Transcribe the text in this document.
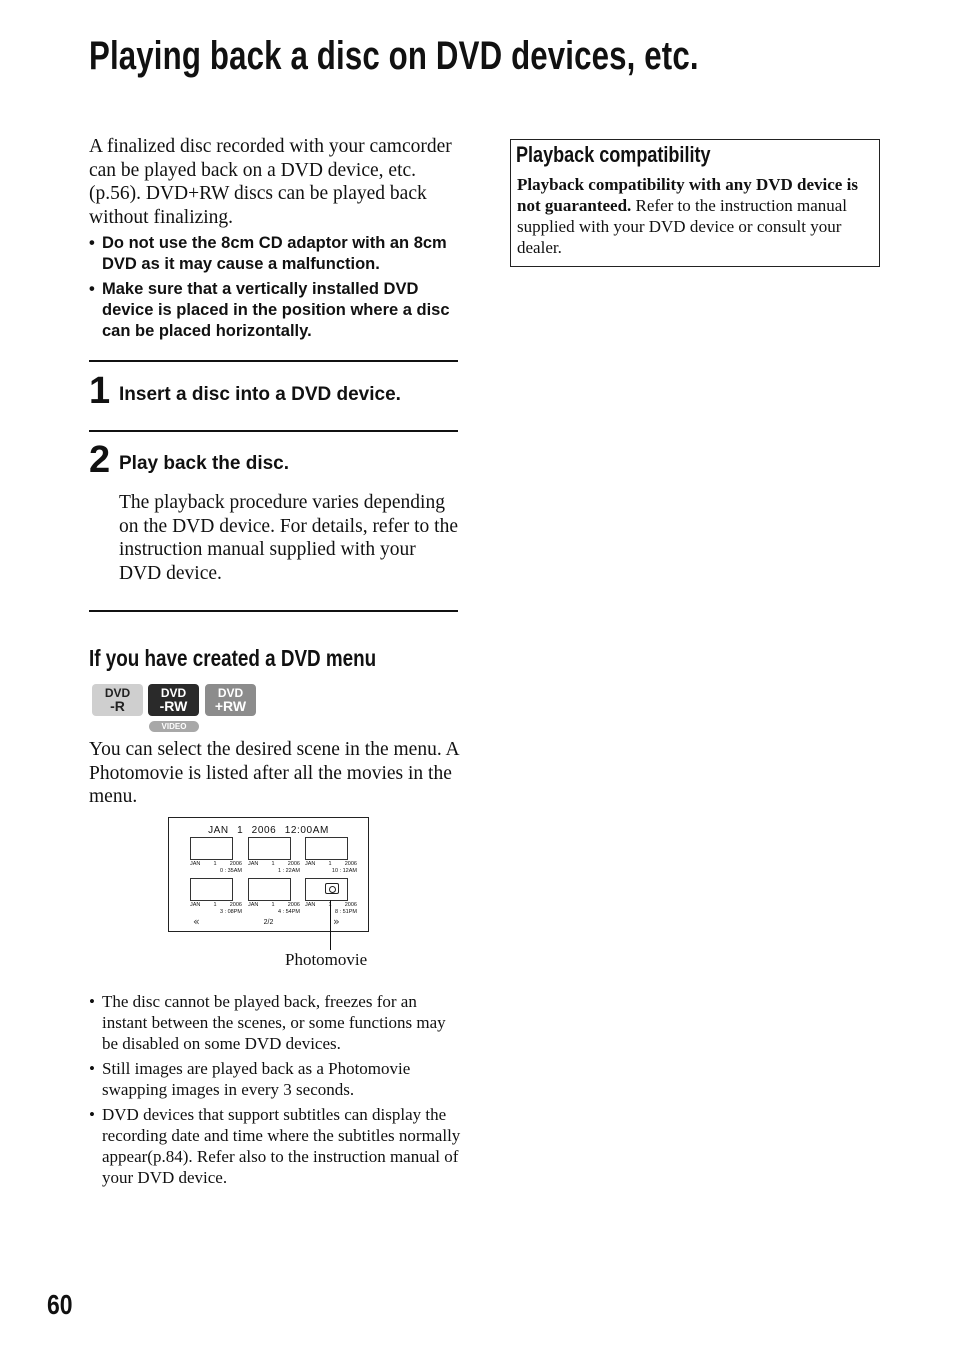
Playing back a disc on DVD devices, etc.
A finalized disc recorded with your camcorder can be played back on a DVD device, etc. (p.56). DVD+RW discs can be played back without finalizing.
• Do not use the 8cm CD adaptor with an 8cm DVD as it may cause a malfunction.
• Make sure that a vertically installed DVD device is placed in the position where a disc can be placed horizontally.
1 Insert a disc into a DVD device.
2 Play back the disc.
The playback procedure varies depending on the DVD device. For details, refer to the instruction manual supplied with your DVD device.
If you have created a DVD menu
DVD
-R
DVD
-RW
DVD
+RW
VIDEO
You can select the desired scene in the menu. A Photomovie is listed after all the movies in the menu.
JAN 1 2006 12:00AM
JAN 1 2006
0 : 35AM
JAN 1 2006
1 : 22AM
JAN 1 2006
10 : 12AM
JAN 1 2006
3 : 08PM
JAN 1 2006
4 : 54PM
JAN	2006
8 : 51PM
«	2/2	»
Photomovie
• The disc cannot be played back, freezes for an instant between the scenes, or some functions may be disabled on some DVD devices.
• Still images are played back as a Photomovie swapping images in every 3 seconds.
• DVD devices that support subtitles can display the recording date and time where the subtitles normally appear(p.84). Refer also to the instruction manual of your DVD device.
Playback compatibility
Playback compatibility with any DVD device is not guaranteed. Refer to the instruction manual supplied with your DVD device or consult your dealer.
60
